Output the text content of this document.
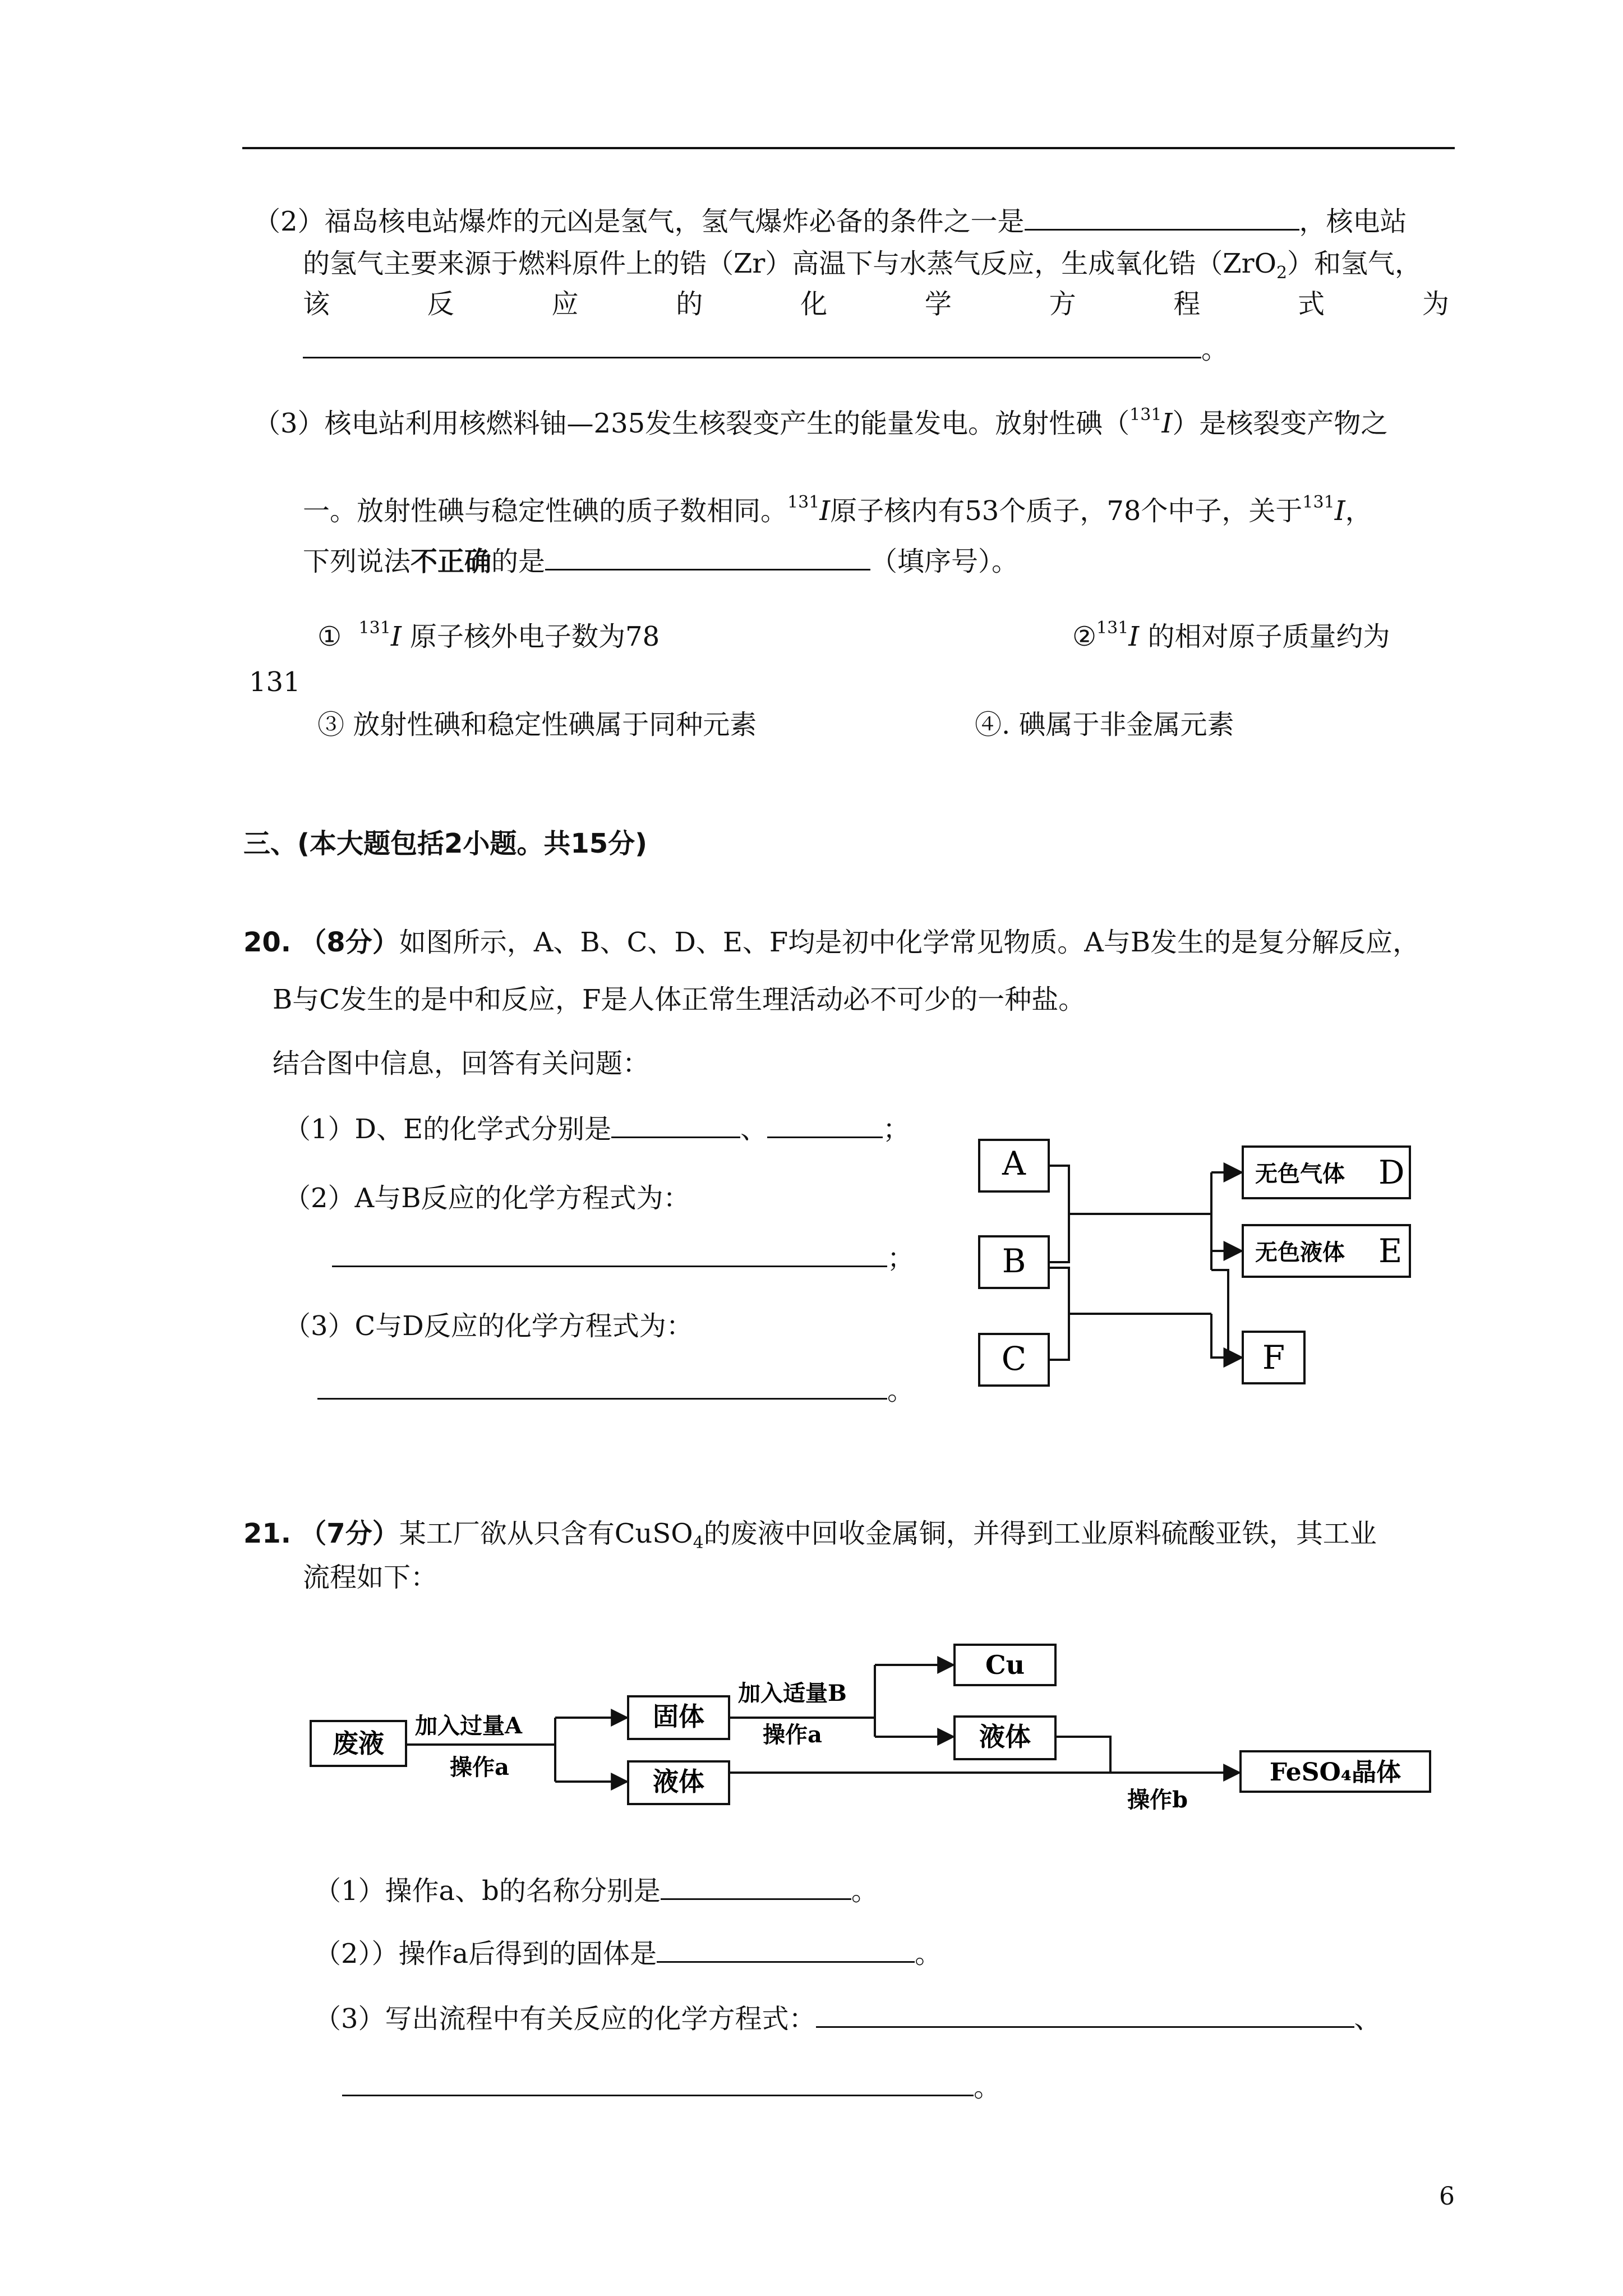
（2）福岛核电站爆炸的元凶是氢气，氢气爆炸必备的条件之一是	，核电站
的氢气主要来源于燃料原件上的锆（Zr）高温下与水蒸气反应，生成氧化锆（ZrO$_2$）和氢气，
该	反	应	的	化	学	方	程	式	为
。
（3）核电站利用核燃料铀—235发生核裂变产生的能量发电。放射性碘（$^{131}$I）是核裂变产物之
一。放射性碘与稳定性碘的质子数相同。$^{131}$I原子核内有53个质子，78个中子，关于$^{131}$I，
下列说法不正确的是	（填序号）。
① $^{131}$I 原子核外电子数为78	②$^{131}$I 的相对原子质量约为
131
③ 放射性碘和稳定性碘属于同种元素	④. 碘属于非金属元素
三、(本大题包括2小题。共15分)
20. （8分）如图所示，A、B、C、D、E、F均是初中化学常见物质。A与B发生的是复分解反应，
B与C发生的是中和反应，F是人体正常生理活动必不可少的一种盐。
结合图中信息，回答有关问题：
（1）D、E的化学式分别是	、	；
（2）A与B反应的化学方程式为：
；
（3）C与D反应的化学方程式为：
。
A
B
C
无色气体 D
无色液体 E
F
21. （7分）某工厂欲从只含有CuSO$_4$的废液中回收金属铜，并得到工业原料硫酸亚铁，其工业
流程如下：
废液
加入过量A
操作a
固体
液体
加入适量B
操作a
Cu
液体
操作b
FeSO₄晶体
（1）操作a、b的名称分别是	。
（2））操作a后得到的固体是	。
（3）写出流程中有关反应的化学方程式：	、
。
6
